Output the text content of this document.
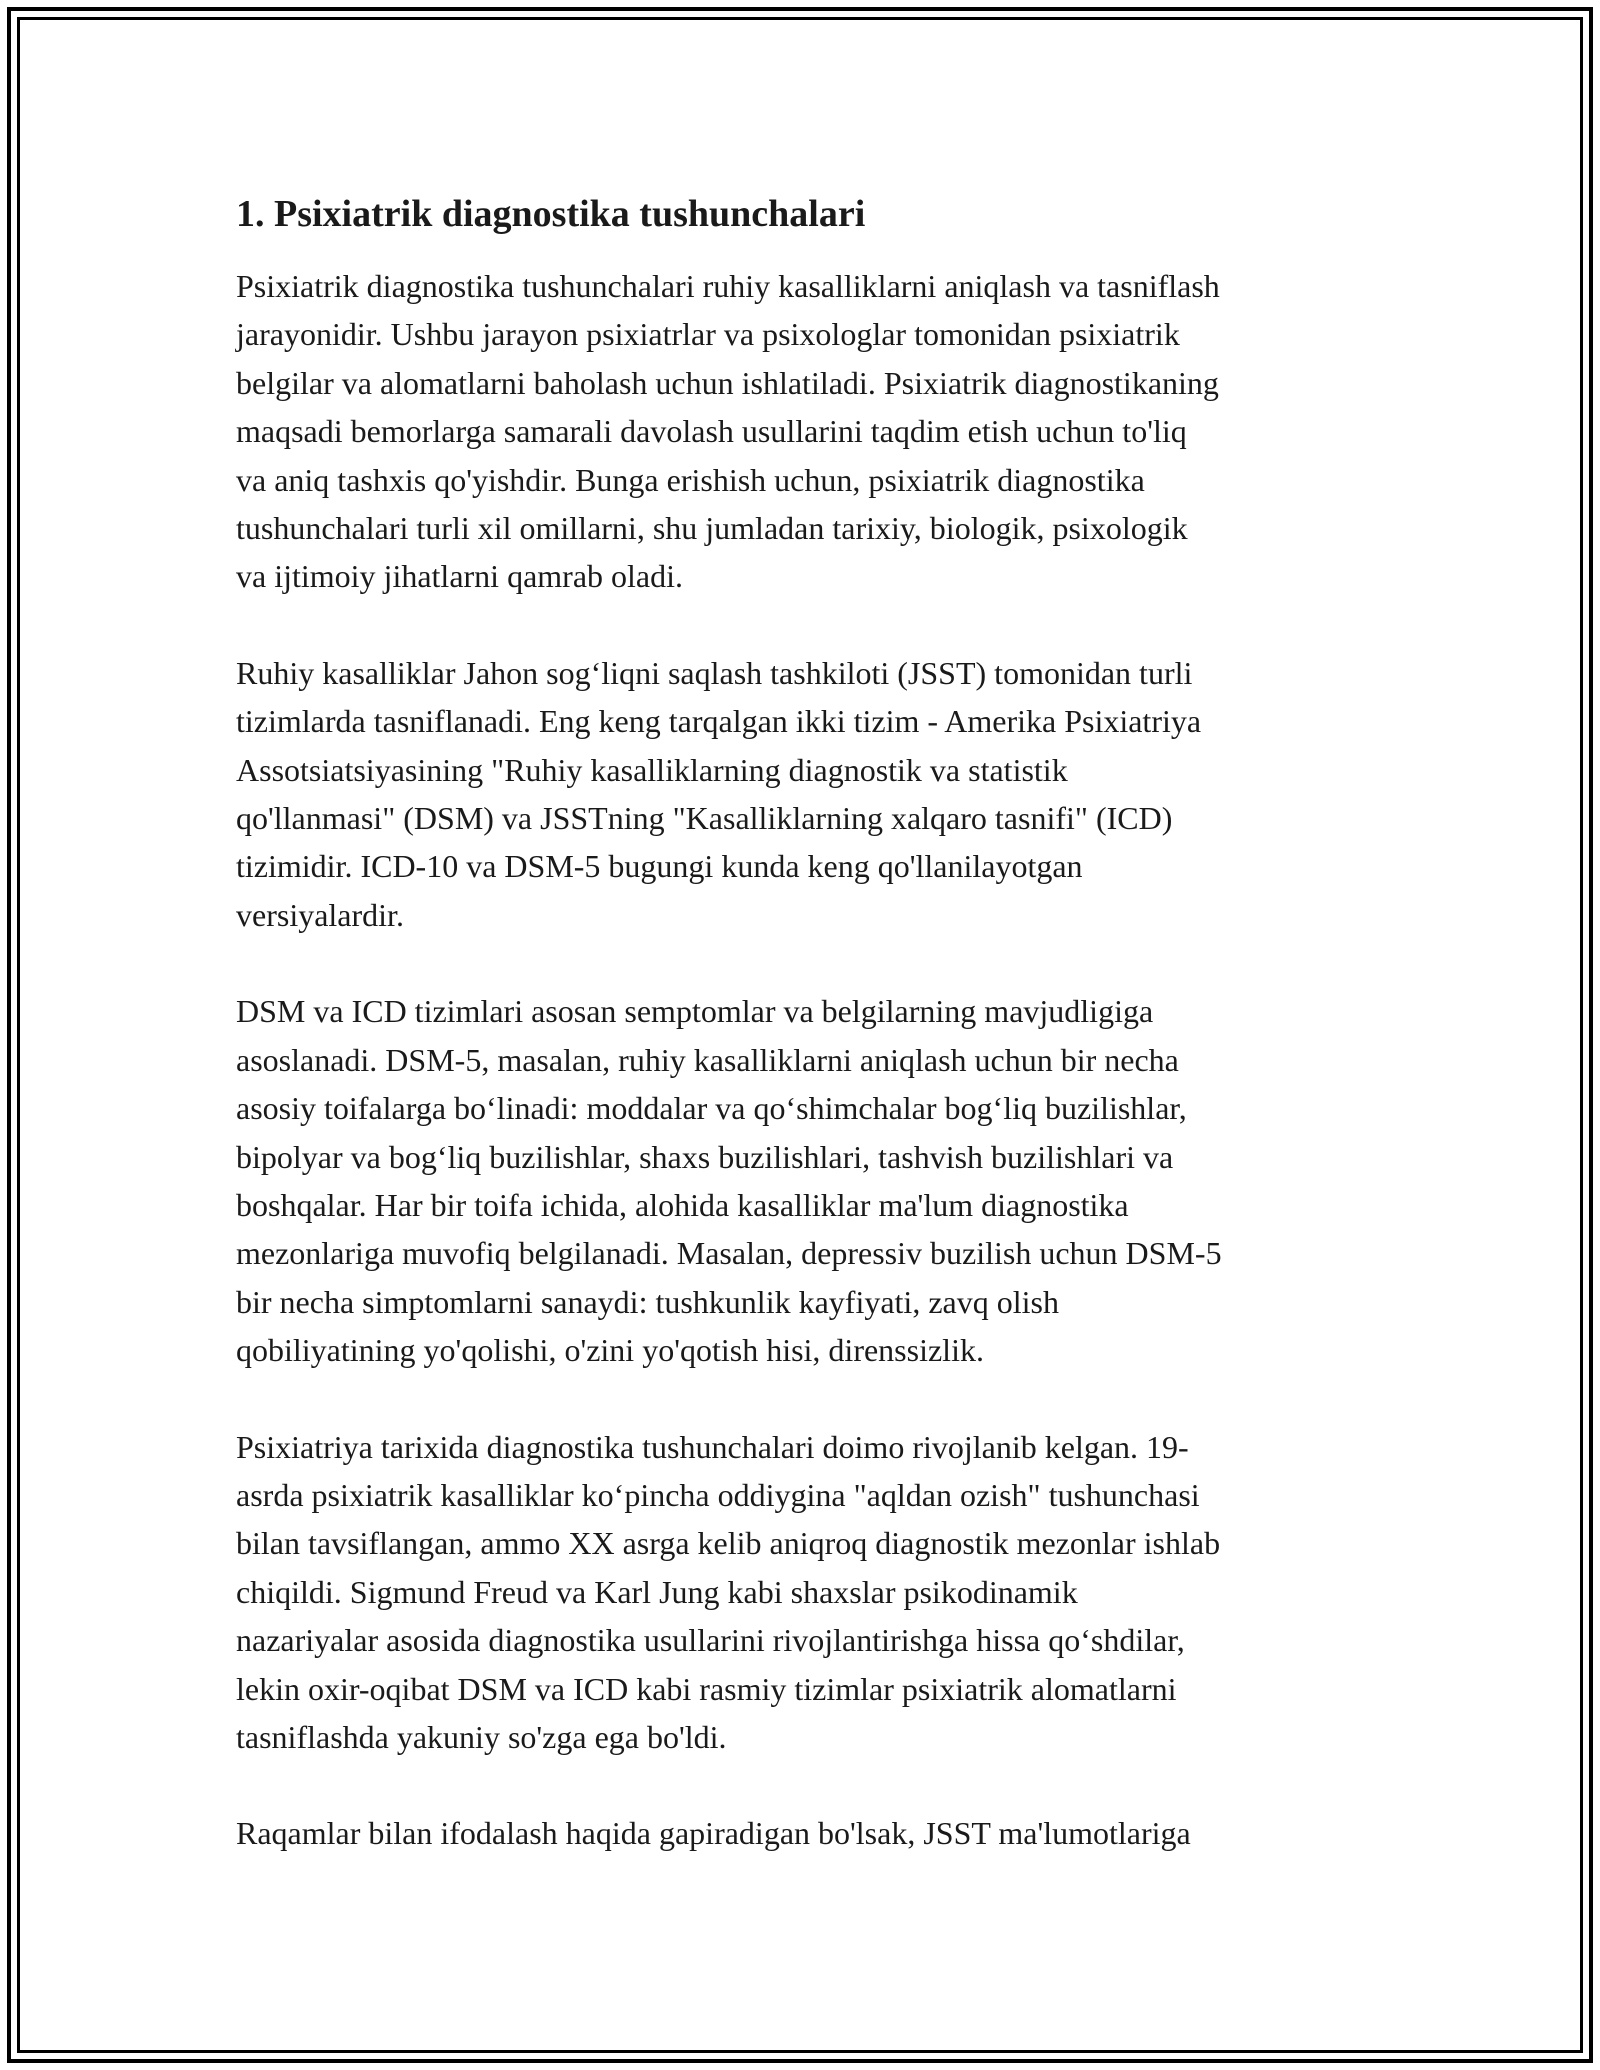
1. Psixiatrik diagnostika tushunchalari

Psixiatrik diagnostika tushunchalari ruhiy kasalliklarni aniqlash va tasniflash
jarayonidir. Ushbu jarayon psixiatrlar va psixologlar tomonidan psixiatrik
belgilar va alomatlarni baholash uchun ishlatiladi. Psixiatrik diagnostikaning
maqsadi bemorlarga samarali davolash usullarini taqdim etish uchun to'liq
va aniq tashxis qo'yishdir. Bunga erishish uchun, psixiatrik diagnostika
tushunchalari turli xil omillarni, shu jumladan tarixiy, biologik, psixologik
va ijtimoiy jihatlarni qamrab oladi.

Ruhiy kasalliklar Jahon sog‘liqni saqlash tashkiloti (JSST) tomonidan turli
tizimlarda tasniflanadi. Eng keng tarqalgan ikki tizim - Amerika Psixiatriya
Assotsiatsiyasining "Ruhiy kasalliklarning diagnostik va statistik
qo'llanmasi" (DSM) va JSSTning "Kasalliklarning xalqaro tasnifi" (ICD)
tizimidir. ICD-10 va DSM-5 bugungi kunda keng qo'llanilayotgan
versiyalardir.

DSM va ICD tizimlari asosan semptomlar va belgilarning mavjudligiga
asoslanadi. DSM-5, masalan, ruhiy kasalliklarni aniqlash uchun bir necha
asosiy toifalarga bo‘linadi: moddalar va qo‘shimchalar bog‘liq buzilishlar,
bipolyar va bog‘liq buzilishlar, shaxs buzilishlari, tashvish buzilishlari va
boshqalar. Har bir toifa ichida, alohida kasalliklar ma'lum diagnostika
mezonlariga muvofiq belgilanadi. Masalan, depressiv buzilish uchun DSM-5
bir necha simptomlarni sanaydi: tushkunlik kayfiyati, zavq olish
qobiliyatining yo'qolishi, o'zini yo'qotish hisi, direnssizlik.

Psixiatriya tarixida diagnostika tushunchalari doimo rivojlanib kelgan. 19-
asrda psixiatrik kasalliklar ko‘pincha oddiygina "aqldan ozish" tushunchasi
bilan tavsiflangan, ammo XX asrga kelib aniqroq diagnostik mezonlar ishlab
chiqildi. Sigmund Freud va Karl Jung kabi shaxslar psikodinamik
nazariyalar asosida diagnostika usullarini rivojlantirishga hissa qo‘shdilar,
lekin oxir-oqibat DSM va ICD kabi rasmiy tizimlar psixiatrik alomatlarni
tasniflashda yakuniy so'zga ega bo'ldi.

Raqamlar bilan ifodalash haqida gapiradigan bo'lsak, JSST ma'lumotlariga
